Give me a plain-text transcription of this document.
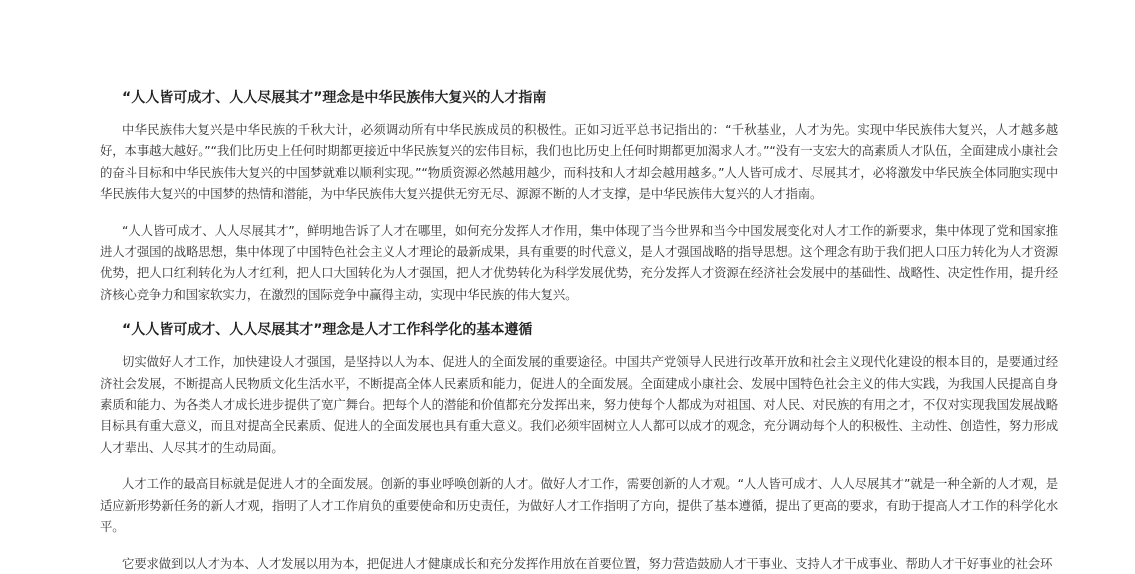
“人人皆可成才、人人尽展其才”理念是中华民族伟大复兴的人才指南

中华民族伟大复兴是中华民族的千秋大计，必须调动所有中华民族成员的积极性。正如习近平总书记指出的：“千秋基业，人才为先。实现中华民族伟大复兴，人才越多越好，本事越大越好。”“我们比历史上任何时期都更接近中华民族复兴的宏伟目标，我们也比历史上任何时期都更加渴求人才。”“没有一支宏大的高素质人才队伍，全面建成小康社会的奋斗目标和中华民族伟大复兴的中国梦就难以顺利实现。”“物质资源必然越用越少，而科技和人才却会越用越多。”人人皆可成才、尽展其才，必将激发中华民族全体同胞实现中华民族伟大复兴的中国梦的热情和潜能，为中华民族伟大复兴提供无穷无尽、源源不断的人才支撑，是中华民族伟大复兴的人才指南。

“人人皆可成才、人人尽展其才”，鲜明地告诉了人才在哪里，如何充分发挥人才作用，集中体现了当今世界和当今中国发展变化对人才工作的新要求，集中体现了党和国家推进人才强国的战略思想，集中体现了中国特色社会主义人才理论的最新成果，具有重要的时代意义，是人才强国战略的指导思想。这个理念有助于我们把人口压力转化为人才资源优势，把人口红利转化为人才红利，把人口大国转化为人才强国，把人才优势转化为科学发展优势，充分发挥人才资源在经济社会发展中的基础性、战略性、决定性作用，提升经济核心竞争力和国家软实力，在激烈的国际竞争中赢得主动，实现中华民族的伟大复兴。

“人人皆可成才、人人尽展其才”理念是人才工作科学化的基本遵循

切实做好人才工作，加快建设人才强国，是坚持以人为本、促进人的全面发展的重要途径。中国共产党领导人民进行改革开放和社会主义现代化建设的根本目的，是要通过经济社会发展，不断提高人民物质文化生活水平，不断提高全体人民素质和能力，促进人的全面发展。全面建成小康社会、发展中国特色社会主义的伟大实践，为我国人民提高自身素质和能力、为各类人才成长进步提供了宽广舞台。把每个人的潜能和价值都充分发挥出来，努力使每个人都成为对祖国、对人民、对民族的有用之才，不仅对实现我国发展战略目标具有重大意义，而且对提高全民素质、促进人的全面发展也具有重大意义。我们必须牢固树立人人都可以成才的观念，充分调动每个人的积极性、主动性、创造性，努力形成人才辈出、人尽其才的生动局面。

人才工作的最高目标就是促进人才的全面发展。创新的事业呼唤创新的人才。做好人才工作，需要创新的人才观。“人人皆可成才、人人尽展其才”就是一种全新的人才观，是适应新形势新任务的新人才观，指明了人才工作肩负的重要使命和历史责任，为做好人才工作指明了方向，提供了基本遵循，提出了更高的要求，有助于提高人才工作的科学化水平。

它要求做到以人才为本、人才发展以用为本，把促进人才健康成长和充分发挥作用放在首要位置，努力营造鼓励人才干事业、支持人才干成事业、帮助人才干好事业的社会环
